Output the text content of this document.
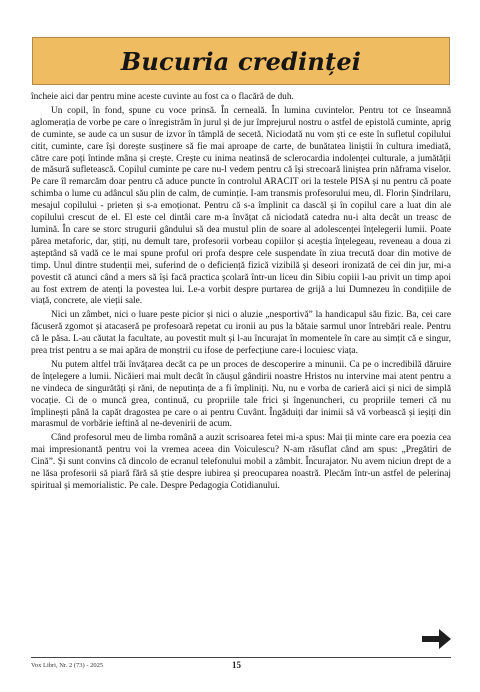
Bucuria credinței

încheie aici dar pentru mine aceste cuvinte au fost ca o flacără de duh.

Un copil, în fond, spune cu voce prinsă. În cerneală. În lumina cuvintelor. Pentru tot ce înseamnă aglomerația de vorbe pe care o înregistrăm în jurul și de jur împrejurul nostru o astfel de epistolă cuminte, aprig de cuminte, se aude ca un susur de izvor în tâmplă de secetă. Niciodată nu vom ști ce este în sufletul copilului citit, cuminte, care își dorește susținere să fie mai aproape de carte, de bunătatea liniștii în cultura imediată, către care poți întinde mâna și crește. Crește cu inima neatinsă de sclerocardia indolenței culturale, a jumătății de măsură sufletească. Copilul cuminte pe care nu-l vedem pentru că își strecoară liniștea prin năframa viselor. Pe care îl remarcăm doar pentru că aduce puncte în controlul ARACIT ori la testele PISA și nu pentru că poate schimba o lume cu adâncul său plin de calm, de cuminție. I-am transmis profesorului meu, dl. Florin Șindrilaru, mesajul copilului - prieten și s-a emoționat. Pentru că s-a împlinit ca dascăl și în copilul care a luat din ale copilului crescut de el. El este cel dintâi care m-a învățat că niciodată catedra nu-i alta decât un treasc de lumină. În care se storc strugurii gândului să dea mustul plin de soare al adolescenței înțelegerii lumii. Poate părea metaforic, dar, știți, nu demult tare, profesorii vorbeau copiilor și aceștia înțelegeau, reveneau a doua zi așteptând să vadă ce le mai spune proful ori profa despre cele suspendate în ziua trecută doar din motive de timp. Unul dintre studenții mei, suferind de o deficiență fizică vizibilă și deseori ironizată de cei din jur, mi-a povestit că atunci când a mers să își facă practica școlară într-un liceu din Sibiu copiii l-au privit un timp apoi au fost extrem de atenți la povestea lui. Le-a vorbit despre purtarea de grijă a lui Dumnezeu în condițiile de viață, concrete, ale vieții sale.

Nici un zâmbet, nici o luare peste picior și nici o aluzie „nesportivă” la handicapul său fizic. Ba, cei care făcuseră zgomot și atacaseră pe profesoară repetat cu ironii au pus la bătaie sarmul unor întrebări reale. Pentru că le păsa. L-au căutat la facultate, au povestit mult și l-au încurajat în momentele în care au simțit că e singur, prea trist pentru a se mai apăra de monștrii cu ifose de perfecțiune care-i locuiesc viața.

Nu putem altfel trăi învățarea decât ca pe un proces de descoperire a minunii. Ca pe o incredibilă dăruire de înțelegere a lumii. Nicăieri mai mult decât în căușul gândirii noastre Hristos nu intervine mai atent pentru a ne vindeca de singurătăți și răni, de neputința de a fi împliniți. Nu, nu e vorba de carieră aici și nici de simplă vocație. Ci de o muncă grea, continuă, cu propriile tale frici și îngenuncheri, cu propriile temeri că nu împlinești până la capăt dragostea pe care o ai pentru Cuvânt. Îngăduiți dar inimii să vă vorbească și ieșiți din marasmul de vorbărie ieftină al ne-devenirii de acum.

Când profesorul meu de limba română a auzit scrisoarea fetei mi-a spus: Mai ții minte care era poezia cea mai impresionantă pentru voi la vremea aceea din Voiculescu? N-am răsuflat când am spus: „Pregătiri de Cină”. Și sunt convins că dincolo de ecranul telefonului mobil a zâmbit. Încurajator. Nu avem niciun drept de a ne lăsa profesorii să piară fără să știe despre iubirea și preocuparea noastră. Plecăm într-un astfel de pelerinaj spiritual și memorialistic. Pe cale. Despre Pedagogia Cotidianului.

Vox Libri, Nr. 2 (73) - 2025	15
